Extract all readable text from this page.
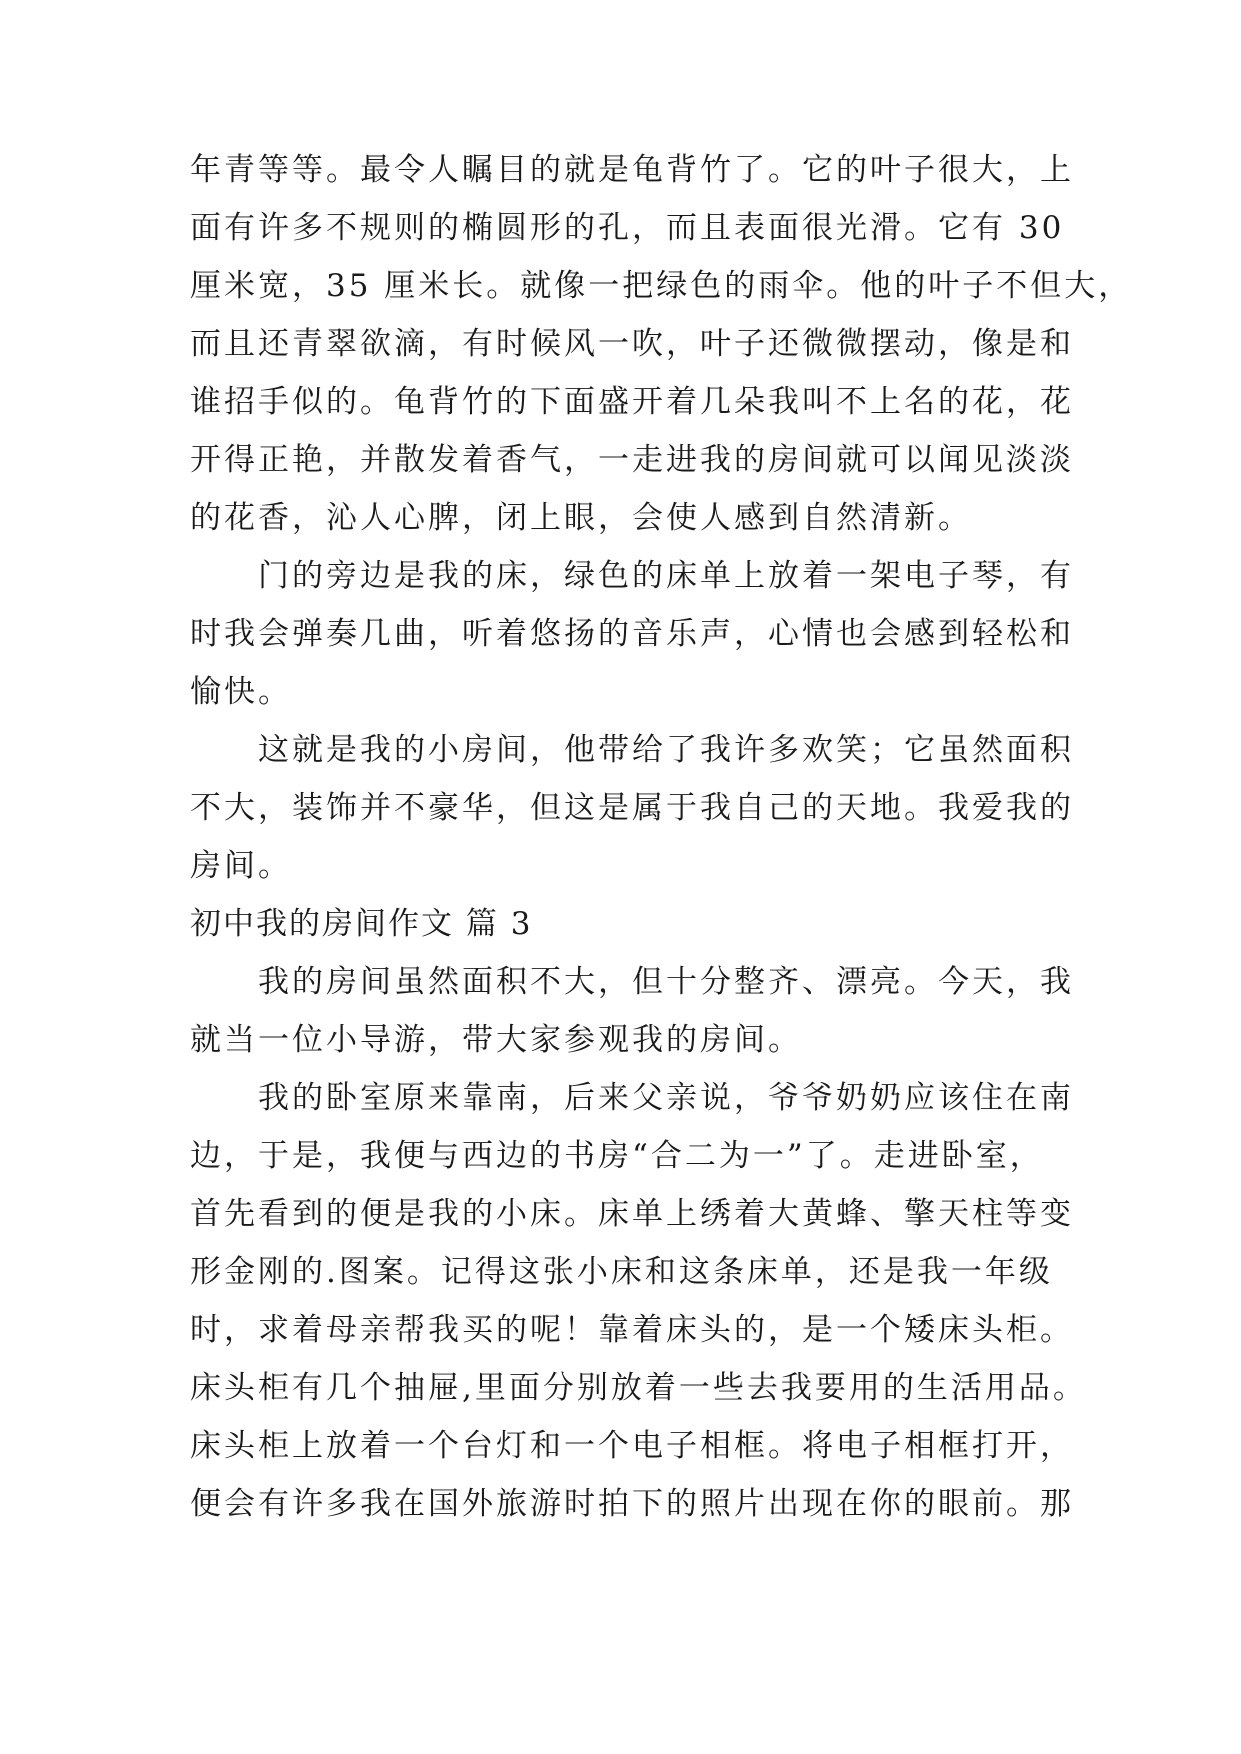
年青等等。最令人瞩目的就是龟背竹了。它的叶子很大，上
面有许多不规则的椭圆形的孔，而且表面很光滑。它有 30
厘米宽，35 厘米长。就像一把绿色的雨伞。他的叶子不但大，
而且还青翠欲滴，有时候风一吹，叶子还微微摆动，像是和
谁招手似的。龟背竹的下面盛开着几朵我叫不上名的花，花
开得正艳，并散发着香气，一走进我的房间就可以闻见淡淡
的花香，沁人心脾，闭上眼，会使人感到自然清新。
门的旁边是我的床，绿色的床单上放着一架电子琴，有
时我会弹奏几曲，听着悠扬的音乐声，心情也会感到轻松和
愉快。
这就是我的小房间，他带给了我许多欢笑；它虽然面积
不大，装饰并不豪华，但这是属于我自己的天地。我爱我的
房间。
初中我的房间作文 篇 3
我的房间虽然面积不大，但十分整齐、漂亮。今天，我
就当一位小导游，带大家参观我的房间。
我的卧室原来靠南，后来父亲说，爷爷奶奶应该住在南
边，于是，我便与西边的书房“合二为一”了。走进卧室，
首先看到的便是我的小床。床单上绣着大黄蜂、擎天柱等变
形金刚的.图案。记得这张小床和这条床单，还是我一年级
时，求着母亲帮我买的呢！靠着床头的，是一个矮床头柜。
床头柜有几个抽屉,里面分别放着一些去我要用的生活用品。
床头柜上放着一个台灯和一个电子相框。将电子相框打开，
便会有许多我在国外旅游时拍下的照片出现在你的眼前。那
